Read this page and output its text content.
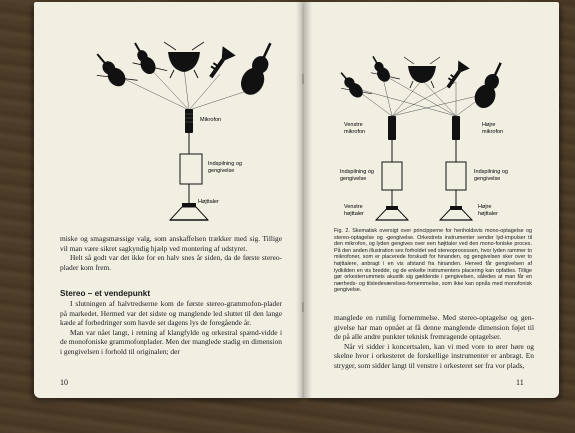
Mikrofon
Indspilning og
gengivelse
Højttaler

miske og smagsmæssige valg, som anskaffelsen trækker med sig. Tillige vil man være sikret sagkyndig hjælp ved montering af udstyret.

Helt så godt var det ikke for en halv snes år siden, da de første stereo-plader kom frem.

Stereo – et vendepunkt

I slutningen af halvtredserne kom de første stereo-grammofon-plader på markedet. Hermed var det sidste og manglende led sluttet til den lange kæde af forbedringer som havde set dagens lys de foregående år.

Man var nået langt, i retning af klangfylde og orkestral spænd-vidde i de monofoniske grammofonplader. Men der manglede stadig en dimension i gengivelsen i forhold til originalen; der

10
Venstre
mikrofon
Højre
mikrofon
Indspilning og
gengivelse
Indspilning og
gengivelse
Venstre
højttaler
Højre
højttaler
Fig. 2. Skematisk oversigt over principperne for henholdsvis mono-optagelse og stereo-optagelse og -gengivelse. Orkestrets instrumenter sender lyd-impulser til den mikrofon, og lyden gengives over een højttaler ved den mono-foniske proces. På den anden illustration ses forholdet ved stereoprocessen, hvor lyden rammer to mikrofoner, som er placerede forskudt for hinanden, og gengivelsen sker over to højttalere, anbragt i en vis afstand fra hinanden. Herved får gengivelsen af lydkilden en vis bredde, og de enkelte instrumenters placering kan opfattes. Tillige gør orkesterrummets akustik sig gældende i gengivelsen, således at man får en nærheds- og tilstedeværelses-fornemmelse, som ikke kan opnås med monofonisk gengivelse.

manglede en rumlig fornemmelse. Med stereo-optagelse og gen-givelse har man opnået at få denne manglende dimension føjet til de på alle andre punkter teknisk fremragende optagelser.

Når vi sidder i koncertsalen, kan vi med vore to ører høre og skelne hvor i orkesteret de forskellige instrumenter er anbragt. En stryger, som sidder langt til venstre i orkesteret ser fra vor plads,

11
